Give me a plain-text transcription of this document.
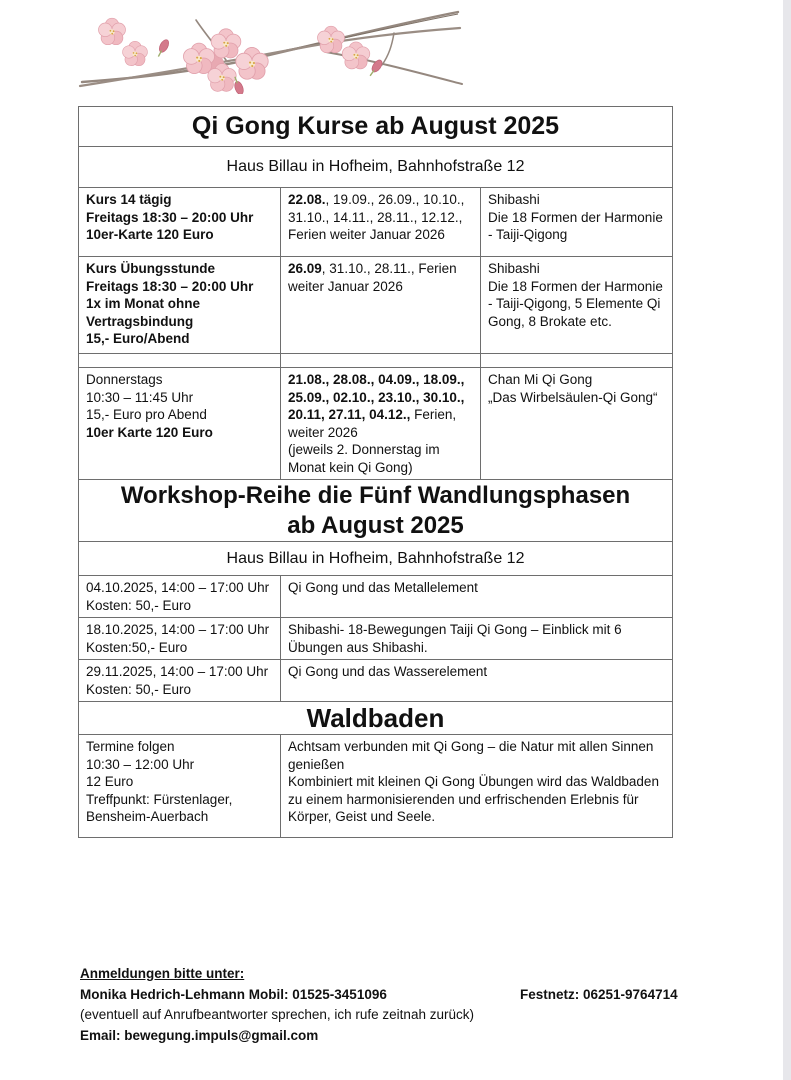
Qi Gong Kurse ab August 2025
Haus Billau in Hofheim, Bahnhofstraße 12
Kurs 14 tägig
Freitags 18:30 – 20:00 Uhr
10er-Karte 120 Euro
22.08., 19.09., 26.09., 10.10., 31.10., 14.11., 28.11., 12.12., Ferien weiter Januar 2026
Shibashi
Die 18 Formen der Harmonie - Taiji-Qigong
Kurs Übungsstunde
Freitags 18:30 – 20:00 Uhr
1x im Monat ohne Vertragsbindung
15,- Euro/Abend
26.09, 31.10., 28.11., Ferien weiter Januar 2026
Shibashi
Die 18 Formen der Harmonie - Taiji-Qigong, 5 Elemente Qi Gong, 8 Brokate etc.
Donnerstags
10:30 – 11:45 Uhr
15,- Euro pro Abend
10er Karte 120 Euro
21.08., 28.08., 04.09., 18.09., 25.09., 02.10., 23.10., 30.10., 20.11, 27.11, 04.12., Ferien, weiter 2026
(jeweils 2. Donnerstag im Monat kein Qi Gong)
Chan Mi Qi Gong
„Das Wirbelsäulen-Qi Gong“
Workshop-Reihe die Fünf Wandlungsphasen
ab August 2025
Haus Billau in Hofheim, Bahnhofstraße 12
04.10.2025, 14:00 – 17:00 Uhr
Kosten: 50,- Euro
Qi Gong und das Metallelement
18.10.2025, 14:00 – 17:00 Uhr
Kosten:50,- Euro
Shibashi- 18-Bewegungen Taiji Qi Gong – Einblick mit 6 Übungen aus Shibashi.
29.11.2025, 14:00 – 17:00 Uhr
Kosten: 50,- Euro
Qi Gong und das Wasserelement
Waldbaden
Termine folgen
10:30 – 12:00 Uhr
12 Euro
Treffpunkt: Fürstenlager, Bensheim-Auerbach
Achtsam verbunden mit Qi Gong – die Natur mit allen Sinnen genießen
Kombiniert mit kleinen Qi Gong Übungen wird das Waldbaden zu einem harmonisierenden und erfrischenden Erlebnis für Körper, Geist und Seele.
Anmeldungen bitte unter:
Monika Hedrich-Lehmann Mobil: 01525-3451096	Festnetz: 06251-9764714
(eventuell auf Anrufbeantworter sprechen, ich rufe zeitnah zurück)
Email: bewegung.impuls@gmail.com
